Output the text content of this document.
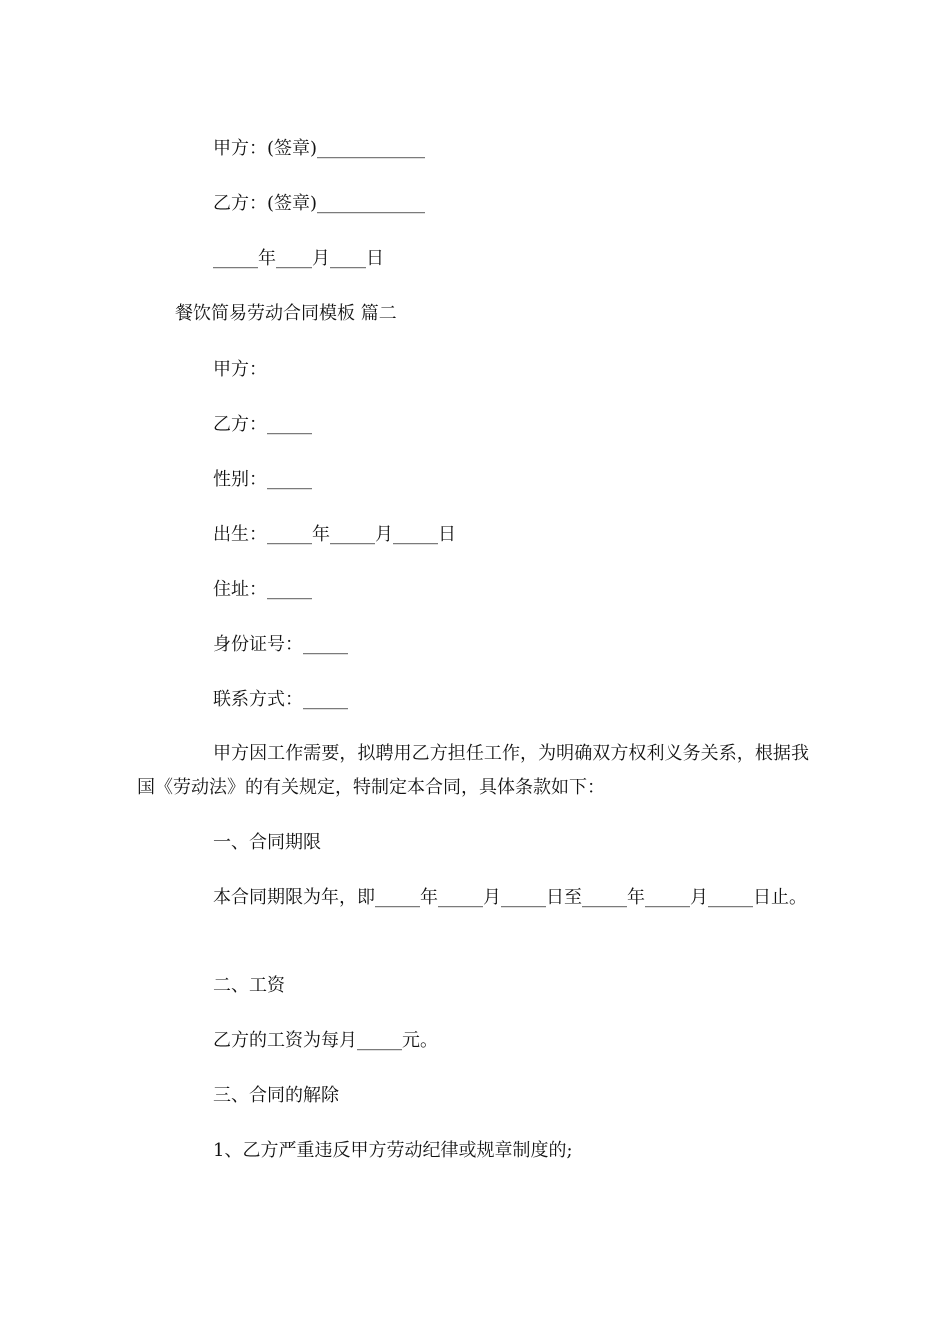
甲方：(签章)____________
乙方：(签章)____________
_____年____月____日
餐饮简易劳动合同模板 篇二
甲方：
乙方：_____
性别：_____
出生：_____年_____月_____日
住址：_____
身份证号：_____
联系方式：_____
甲方因工作需要，拟聘用乙方担任工作，为明确双方权利义务关系，根据我国《劳动法》的有关规定，特制定本合同，具体条款如下：
一、合同期限
本合同期限为年，即_____年_____月_____日至_____年_____月_____日止。
二、工资
乙方的工资为每月_____元。
三、合同的解除
1、乙方严重违反甲方劳动纪律或规章制度的;
